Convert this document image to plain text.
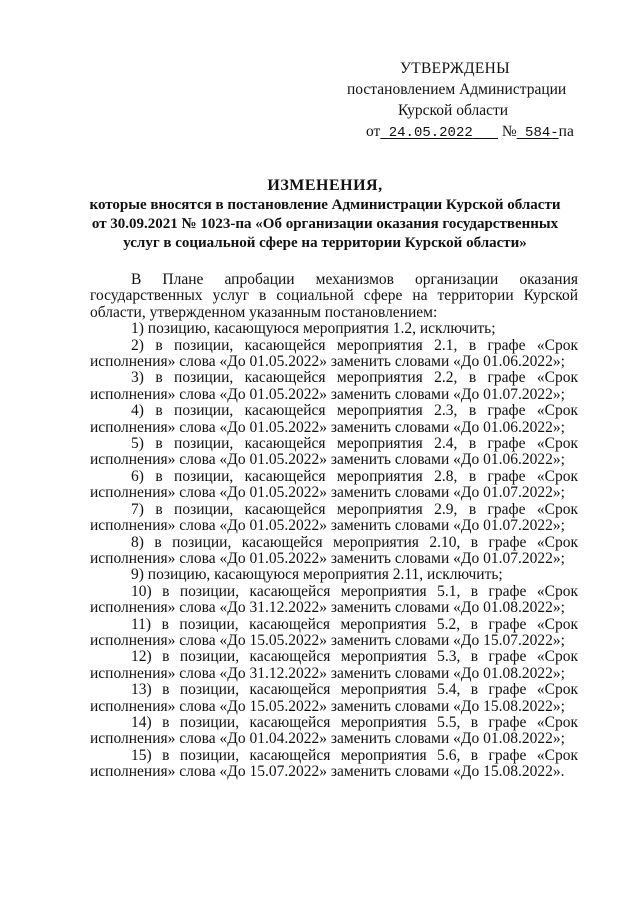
УТВЕРЖДЕНЫ
постановлением Администрации
Курской области
от 24.05.2022 № 584-па
ИЗМЕНЕНИЯ,
которые вносятся в постановление Администрации Курской области
от 30.09.2021 № 1023-па «Об организации оказания государственных
услуг в социальной сфере на территории Курской области»

В Плане апробации механизмов организации оказания государственных услуг в социальной сфере на территории Курской области, утвержденном указанным постановлением:

1) позицию, касающуюся мероприятия 1.2, исключить;

2) в позиции, касающейся мероприятия 2.1, в графе «Срок исполнения» слова «До 01.05.2022» заменить словами «До 01.06.2022»;

3) в позиции, касающейся мероприятия 2.2, в графе «Срок исполнения» слова «До 01.05.2022» заменить словами «До 01.07.2022»;

4) в позиции, касающейся мероприятия 2.3, в графе «Срок исполнения» слова «До 01.05.2022» заменить словами «До 01.06.2022»;

5) в позиции, касающейся мероприятия 2.4, в графе «Срок исполнения» слова «До 01.05.2022» заменить словами «До 01.06.2022»;

6) в позиции, касающейся мероприятия 2.8, в графе «Срок исполнения» слова «До 01.05.2022» заменить словами «До 01.07.2022»;

7) в позиции, касающейся мероприятия 2.9, в графе «Срок исполнения» слова «До 01.05.2022» заменить словами «До 01.07.2022»;

8) в позиции, касающейся мероприятия 2.10, в графе «Срок исполнения» слова «До 01.05.2022» заменить словами «До 01.07.2022»;

9) позицию, касающуюся мероприятия 2.11, исключить;

10) в позиции, касающейся мероприятия 5.1, в графе «Срок исполнения» слова «До 31.12.2022» заменить словами «До 01.08.2022»;

11) в позиции, касающейся мероприятия 5.2, в графе «Срок исполнения» слова «До 15.05.2022» заменить словами «До 15.07.2022»;

12) в позиции, касающейся мероприятия 5.3, в графе «Срок исполнения» слова «До 31.12.2022» заменить словами «До 01.08.2022»;

13) в позиции, касающейся мероприятия 5.4, в графе «Срок исполнения» слова «До 15.05.2022» заменить словами «До 15.08.2022»;

14) в позиции, касающейся мероприятия 5.5, в графе «Срок исполнения» слова «До 01.04.2022» заменить словами «До 01.08.2022»;

15) в позиции, касающейся мероприятия 5.6, в графе «Срок исполнения» слова «До 15.07.2022» заменить словами «До 15.08.2022».
